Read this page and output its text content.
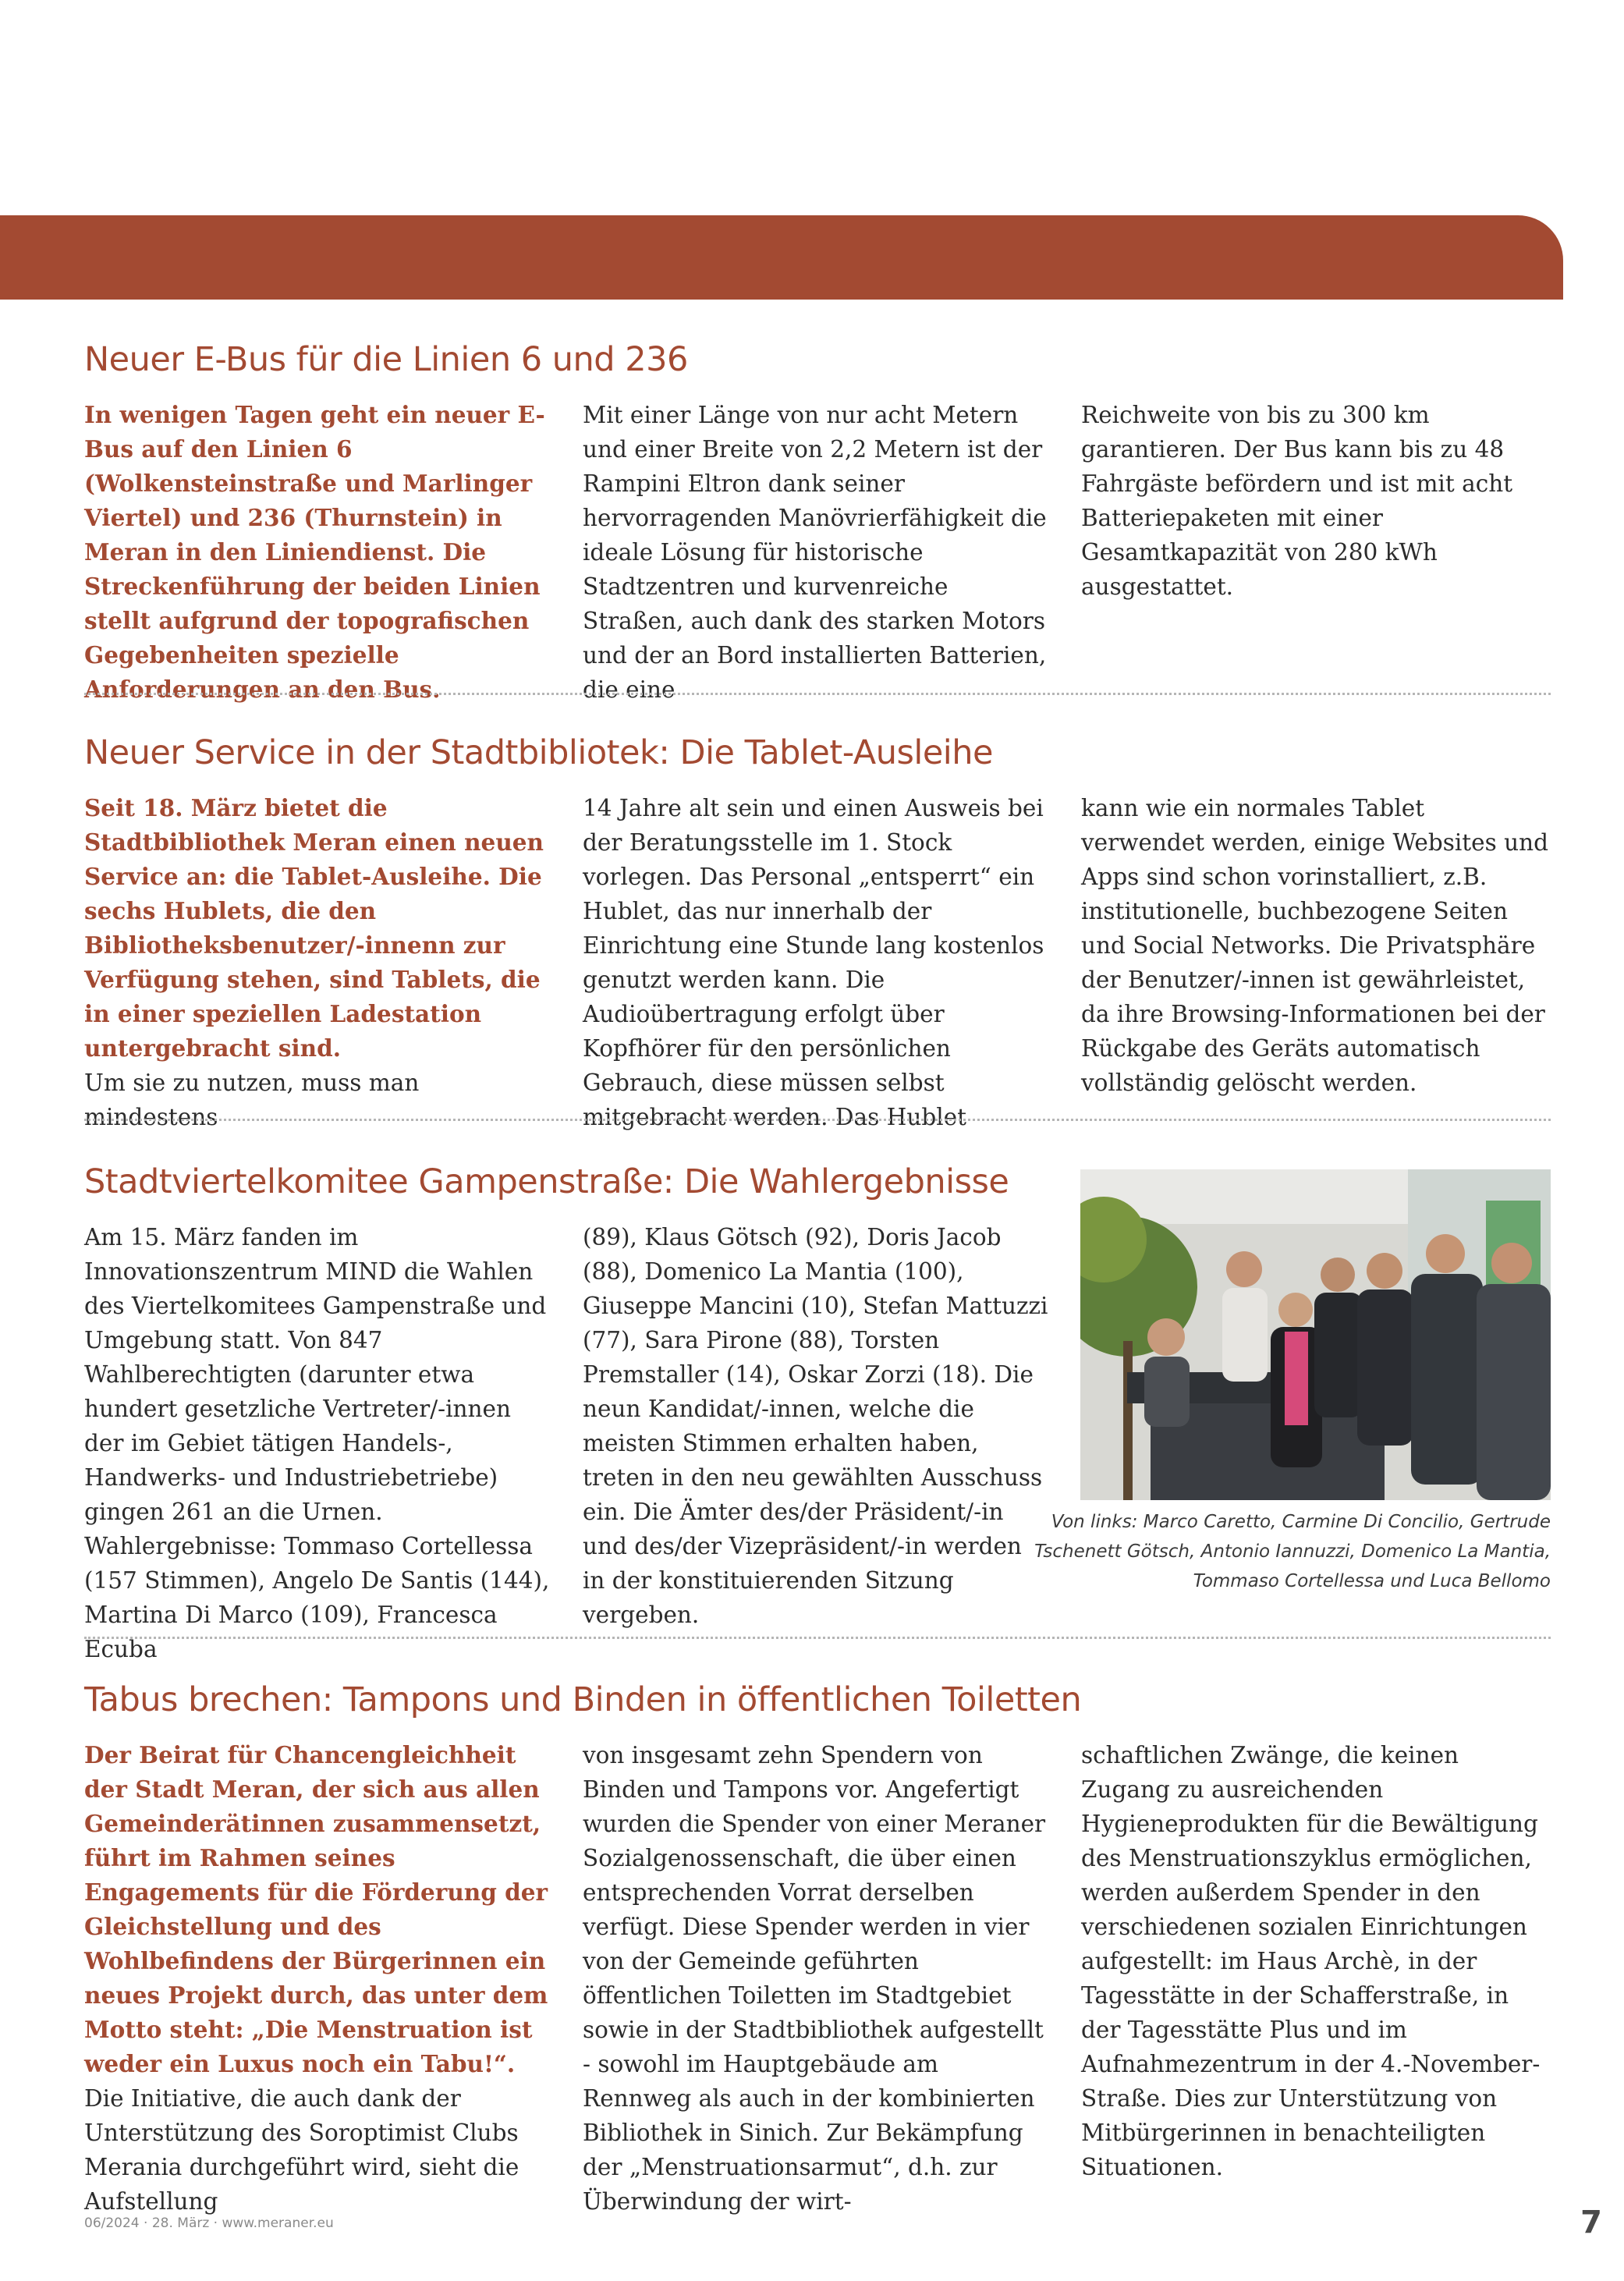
Neuer E-Bus für die Linien 6 und 236

In wenigen Tagen geht ein neuer E-Bus auf den Linien 6 (Wolkensteinstraße und Marlinger Viertel) und 236 (Thurnstein) in Meran in den Liniendienst. Die Streckenführung der beiden Linien stellt aufgrund der topografischen Gegebenheiten spezielle Anforderungen an den Bus.

Mit einer Länge von nur acht Metern und einer Breite von 2,2 Metern ist der Rampini Eltron dank seiner hervorragenden Manövrierfähigkeit die ideale Lösung für historische Stadtzentren und kurvenreiche Straßen, auch dank des starken Motors und der an Bord installierten Batterien, die eine

Reichweite von bis zu 300 km garantieren. Der Bus kann bis zu 48 Fahrgäste befördern und ist mit acht Batteriepaketen mit einer Gesamtkapazität von 280 kWh ausgestattet.

Neuer Service in der Stadtbibliotek: Die Tablet-Ausleihe

Seit 18. März bietet die Stadtbibliothek Meran einen neuen Service an: die Tablet-Ausleihe. Die sechs Hublets, die den Bibliotheksbenutzer/-innenn zur Verfügung stehen, sind Tablets, die in einer speziellen Ladestation untergebracht sind.

Um sie zu nutzen, muss man mindestens

14 Jahre alt sein und einen Ausweis bei der Beratungsstelle im 1. Stock vorlegen. Das Personal „entsperrt“ ein Hublet, das nur innerhalb der Einrichtung eine Stunde lang kostenlos genutzt werden kann. Die Audioübertragung erfolgt über Kopfhörer für den persönlichen Gebrauch, diese müssen selbst mitgebracht werden. Das Hublet

kann wie ein normales Tablet verwendet werden, einige Websites und Apps sind schon vorinstalliert, z.B. institutionelle, buchbezogene Seiten und Social Networks. Die Privatsphäre der Benutzer/-innen ist gewährleistet, da ihre Browsing-Informationen bei der Rückgabe des Geräts automatisch vollständig gelöscht werden.

Stadtviertelkomitee Gampenstraße: Die Wahlergebnisse

Am 15. März fanden im Innovationszentrum MIND die Wahlen des Viertelkomitees Gampenstraße und Umgebung statt. Von 847 Wahlberechtigten (darunter etwa hundert gesetzliche Vertreter/-innen der im Gebiet tätigen Handels-, Handwerks- und Industriebetriebe) gingen 261 an die Urnen.

Wahlergebnisse: Tommaso Cortellessa (157 Stimmen), Angelo De Santis (144), Martina Di Marco (109), Francesca Ecuba

(89), Klaus Götsch (92), Doris Jacob (88), Domenico La Mantia (100), Giuseppe Mancini (10), Stefan Mattuzzi (77), Sara Pirone (88), Torsten Premstaller (14), Oskar Zorzi (18). Die neun Kandidat/-innen, welche die meisten Stimmen erhalten haben, treten in den neu gewählten Ausschuss ein. Die Ämter des/der Präsident/-in und des/der Vizepräsident/-in werden in der konstituierenden Sitzung vergeben.

Von links: Marco Caretto, Carmine Di Concilio, Gertrude Tschenett Götsch, Antonio Iannuzzi, Domenico La Mantia, Tommaso Cortellessa und Luca Bellomo
Tabus brechen: Tampons und Binden in öffentlichen Toiletten

Der Beirat für Chancengleichheit der Stadt Meran, der sich aus allen Gemeinderätinnen zusammensetzt, führt im Rahmen seines Engagements für die Förderung der Gleichstellung und des Wohlbefindens der Bürgerinnen ein neues Projekt durch, das unter dem Motto steht: „Die Menstruation ist weder ein Luxus noch ein Tabu!“.

Die Initiative, die auch dank der Unterstützung des Soroptimist Clubs Merania durchgeführt wird, sieht die Aufstellung

von insgesamt zehn Spendern von Binden und Tampons vor. Angefertigt wurden die Spender von einer Meraner Sozialgenossenschaft, die über einen entsprechenden Vorrat derselben verfügt. Diese Spender werden in vier von der Gemeinde geführten öffentlichen Toiletten im Stadtgebiet sowie in der Stadtbibliothek aufgestellt - sowohl im Hauptgebäude am Rennweg als auch in der kombinierten Bibliothek in Sinich. Zur Bekämpfung der „Menstruationsarmut“, d.h. zur Überwindung der wirt-

schaftlichen Zwänge, die keinen Zugang zu ausreichenden Hygieneprodukten für die Bewältigung des Menstruationszyklus ermöglichen, werden außerdem Spender in den verschiedenen sozialen Einrichtungen aufgestellt: im Haus Archè, in der Tagesstätte in der Schafferstraße, in der Tagesstätte Plus und im Aufnahmezentrum in der 4.-November-Straße. Dies zur Unterstützung von Mitbürgerinnen in benachteiligten Situationen.

06/2024 · 28. März · www.meraner.eu	7
